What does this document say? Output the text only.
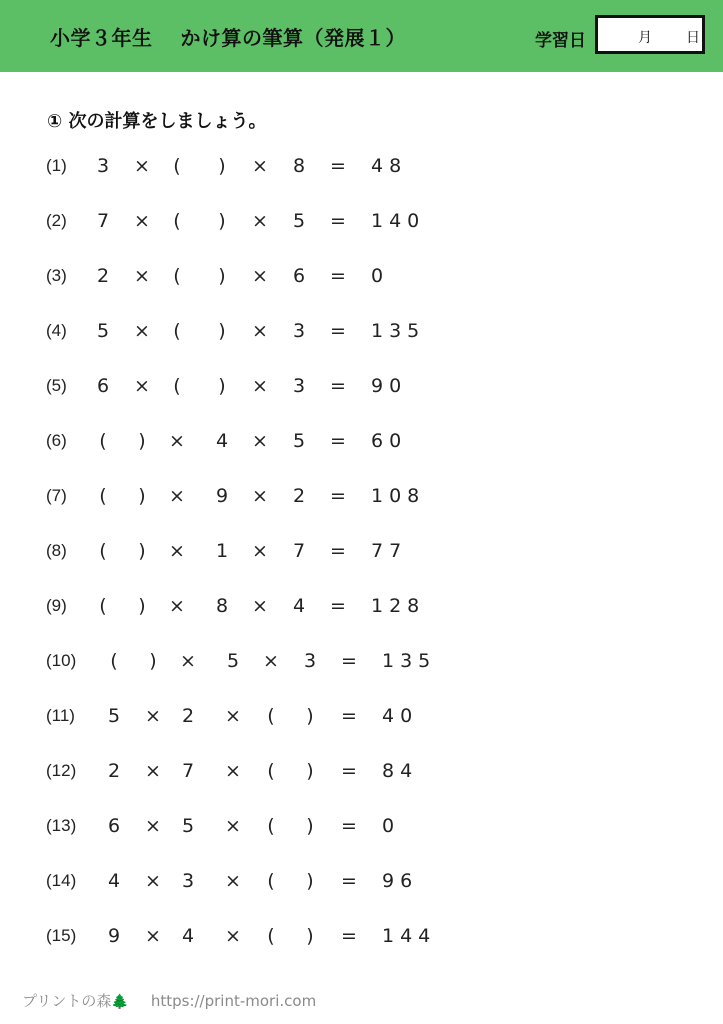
小学３年生　 かけ算の筆算（発展１）	学習日	月 日
① 次の計算をしましょう。
(1) 3 × ( ) × 8 = 48
(2) 7 × ( ) × 5 = 140
(3) 2 × ( ) × 6 = 0
(4) 5 × ( ) × 3 = 135
(5) 6 × ( ) × 3 = 90
(6) ( ) × 4 × 5 = 60
(7) ( ) × 9 × 2 = 108
(8) ( ) × 1 × 7 = 77
(9) ( ) × 8 × 4 = 128
(10) ( ) × 5 × 3 = 135
(11) 5 × 2 × ( ) = 40
(12) 2 × 7 × ( ) = 84
(13) 6 × 5 × ( ) = 0
(14) 4 × 3 × ( ) = 96
(15) 9 × 4 × ( ) = 144
プリントの森🌲 https://print-mori.com
